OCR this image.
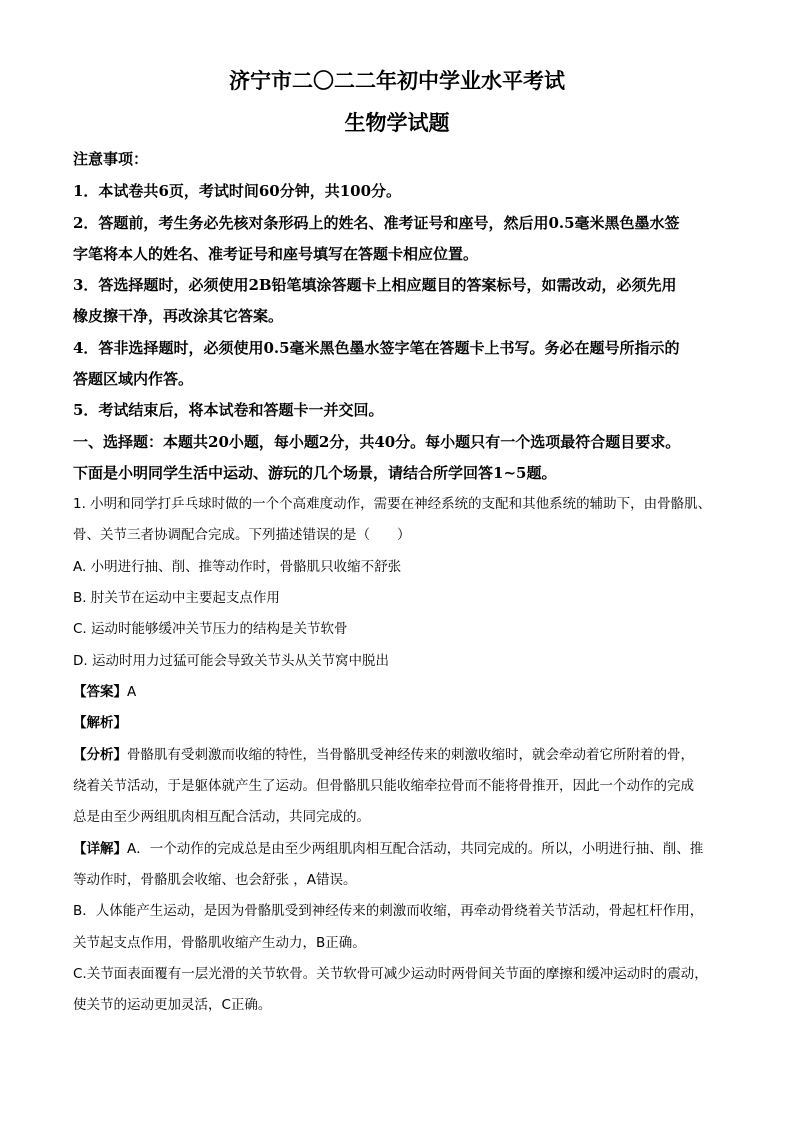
济宁市二〇二二年初中学业水平考试
生物学试题
注意事项：
1．本试卷共6页，考试时间60分钟，共100分。
2．答题前，考生务必先核对条形码上的姓名、准考证号和座号，然后用0.5毫米黑色墨水签
字笔将本人的姓名、准考证号和座号填写在答题卡相应位置。
3．答选择题时，必须使用2B铅笔填涂答题卡上相应题目的答案标号，如需改动，必须先用
橡皮擦干净，再改涂其它答案。
4．答非选择题时，必须使用0.5毫米黑色墨水签字笔在答题卡上书写。务必在题号所指示的
答题区域内作答。
5．考试结束后，将本试卷和答题卡一并交回。
一、选择题：本题共20小题，每小题2分，共40分。每小题只有一个选项最符合题目要求。
下面是小明同学生活中运动、游玩的几个场景，请结合所学回答1~5题。
1. 小明和同学打乒乓球时做的一个个高难度动作，需要在神经系统的支配和其他系统的辅助下，由骨骼肌、
骨、关节三者协调配合完成。下列描述错误的是（　　）
A. 小明进行抽、削、推等动作时，骨骼肌只收缩不舒张
B. 肘关节在运动中主要起支点作用
C. 运动时能够缓冲关节压力的结构是关节软骨
D. 运动时用力过猛可能会导致关节头从关节窝中脱出
【答案】A
【解析】
【分析】骨骼肌有受刺激而收缩的特性，当骨骼肌受神经传来的刺激收缩时，就会牵动着它所附着的骨，
绕着关节活动，于是躯体就产生了运动。但骨骼肌只能收缩牵拉骨而不能将骨推开，因此一个动作的完成
总是由至少两组肌肉相互配合活动，共同完成的。
【详解】A．一个动作的完成总是由至少两组肌肉相互配合活动，共同完成的。所以，小明进行抽、削、推
等动作时，骨骼肌会收缩、也会舒张 ，A错误。
B．人体能产生运动，是因为骨骼肌受到神经传来的刺激而收缩，再牵动骨绕着关节活动，骨起杠杆作用，
关节起支点作用，骨骼肌收缩产生动力，B正确。
C.关节面表面覆有一层光滑的关节软骨。关节软骨可减少运动时两骨间关节面的摩擦和缓冲运动时的震动，
使关节的运动更加灵活，C正确。
